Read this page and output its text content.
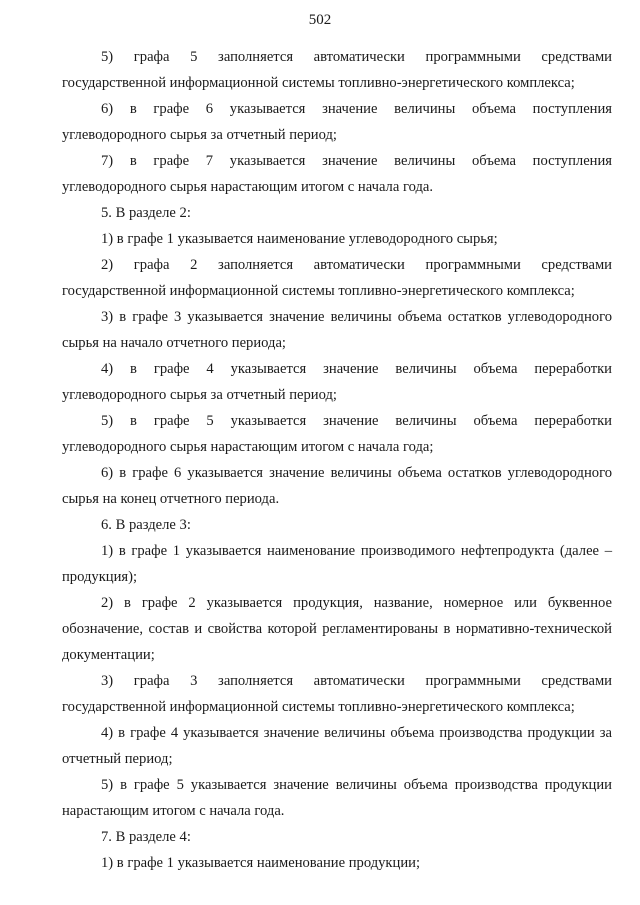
502

5) графа 5 заполняется автоматически программными средствами государственной информационной системы топливно-энергетического комплекса;

6) в графе 6 указывается значение величины объема поступления углеводородного сырья за отчетный период;

7) в графе 7 указывается значение величины объема поступления углеводородного сырья нарастающим итогом с начала года.

5. В разделе 2:

1) в графе 1 указывается наименование углеводородного сырья;

2) графа 2 заполняется автоматически программными средствами государственной информационной системы топливно-энергетического комплекса;

3) в графе 3 указывается значение величины объема остатков углеводородного сырья на начало отчетного периода;

4) в графе 4 указывается значение величины объема переработки углеводородного сырья за отчетный период;

5) в графе 5 указывается значение величины объема переработки углеводородного сырья нарастающим итогом с начала года;

6) в графе 6 указывается значение величины объема остатков углеводородного сырья на конец отчетного периода.

6. В разделе 3:

1) в графе 1 указывается наименование производимого нефтепродукта (далее – продукция);

2) в графе 2 указывается продукция, название, номерное или буквенное обозначение, состав и свойства которой регламентированы в нормативно-технической документации;

3) графа 3 заполняется автоматически программными средствами государственной информационной системы топливно-энергетического комплекса;

4) в графе 4 указывается значение величины объема производства продукции за отчетный период;

5) в графе 5 указывается значение величины объема производства продукции нарастающим итогом с начала года.

7. В разделе 4:

1) в графе 1 указывается наименование продукции;
